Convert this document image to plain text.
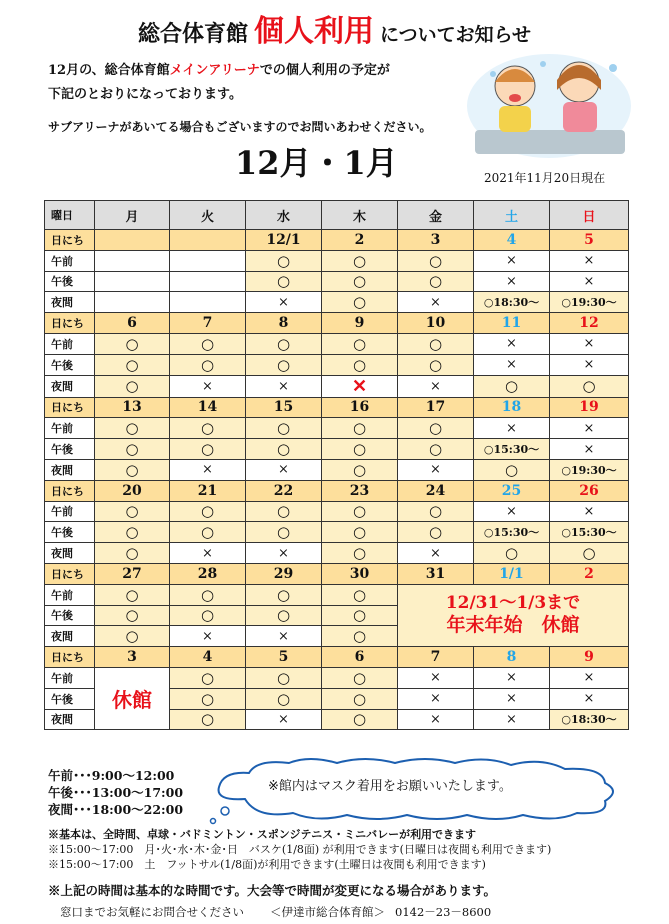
総合体育館 個人利用 についてお知らせ
12月の、総合体育館メインアリーナでの個人利用の予定が
下記のとおりになっております。
サブアリーナがあいてる場合もございますのでお問いあわせください。
12月・1月	2021年11月20日現在
曜日	月	火	水	木	金	土	日
日にち			12/1	2	3	4	5
午前			○	○	○	×	×
午後			○	○	○	×	×
夜間			×	○	×	○18:30～	○19:30～
日にち	6	7	8	9	10	11	12
午前	○	○	○	○	○	×	×
午後	○	○	○	○	○	×	×
夜間	○	×	×	✕	×	○	○
日にち	13	14	15	16	17	18	19
午前	○	○	○	○	○	×	×
午後	○	○	○	○	○	○15:30～	×
夜間	○	×	×	○	×	○	○19:30～
日にち	20	21	22	23	24	25	26
午前	○	○	○	○	○	×	×
午後	○	○	○	○	○	○15:30～	○15:30～
夜間	○	×	×	○	×	○	○
日にち	27	28	29	30	31	1/1	2
午前	○	○	○	○	12/31～1/3まで
年末年始　休館		

午後	○	○	○	○			
夜間	○	×	×	○			
日にち	3	4	5	6	7	8	9
午前	休館	○	○	○	×	×	×
午後		○	○	○	×	×	×
夜間		○	×	○	×	×	○18:30～
午前･･･9:00～12:00
午後･･･13:00～17:00
夜間･･･18:00～22:00
※館内はマスク着用をお願いいたします。
※基本は、全時間、卓球・バドミントン・スポンジテニス・ミニバレーが利用できます
※15:00～17:00　月･火･水･木･金･日　バスケ(1/8面) が利用できます(日曜日は夜間も利用できます)
※15:00～17:00　土　フットサル(1/8面)が利用できます(土曜日は夜間も利用できます)
※上記の時間は基本的な時間です。大会等で時間が変更になる場合があります。
窓口までお気軽にお問合せください ＜伊達市総合体育館＞ 0142－23－8600
